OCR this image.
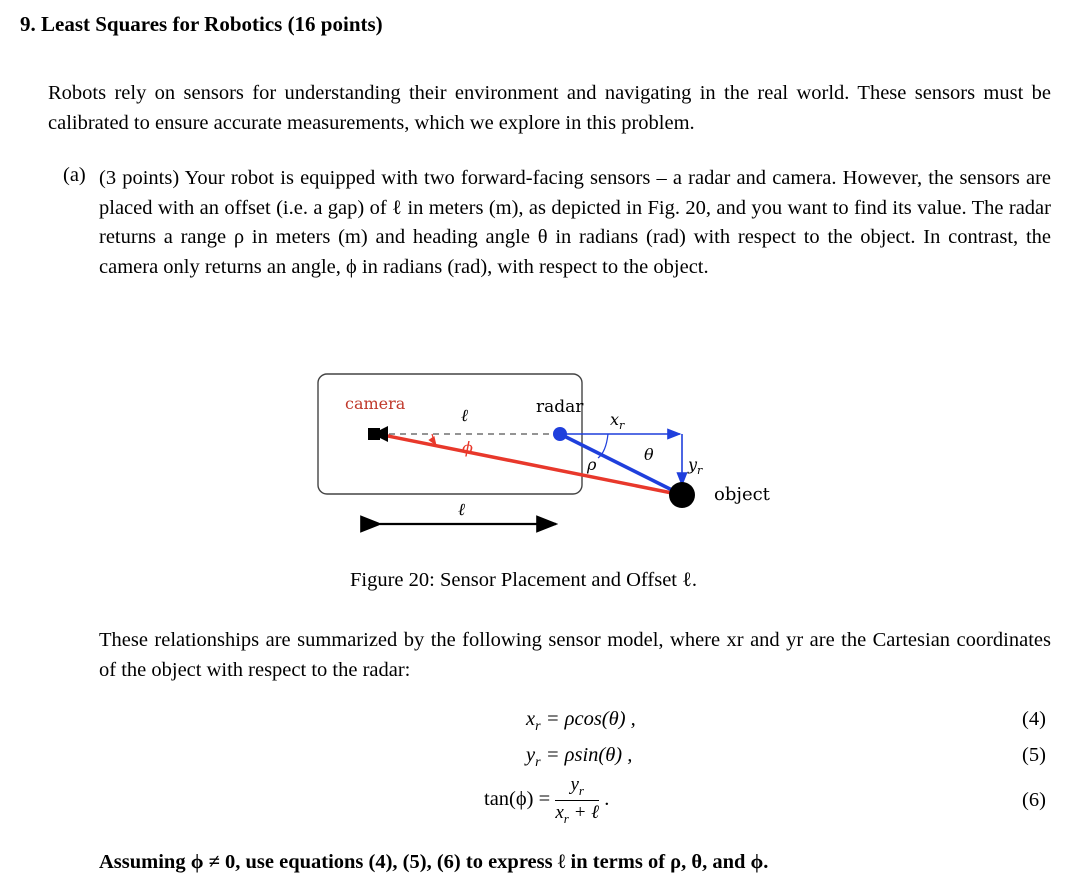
9. Least Squares for Robotics (16 points)
Robots rely on sensors for understanding their environment and navigating in the real world. These sensors must be calibrated to ensure accurate measurements, which we explore in this problem.
(a) (3 points) Your robot is equipped with two forward-facing sensors – a radar and camera. However, the sensors are placed with an offset (i.e. a gap) of ℓ in meters (m), as depicted in Fig. 20, and you want to find its value. The radar returns a range ρ in meters (m) and heading angle θ in radians (rad) with respect to the object. In contrast, the camera only returns an angle, ϕ in radians (rad), with respect to the object.
camera	radar
ℓ
ϕ
$x_r$
$y_r$
ρ
θ
object
ℓ
Figure 20: Sensor Placement and Offset ℓ.
These relationships are summarized by the following sensor model, where xr and yr are the Cartesian coordinates of the object with respect to the radar:
$x_r = \rho\cos(\theta)$ ,	(4)
$y_r = \rho\sin(\theta)$ ,	(5)
$\tan(\phi) = \frac{y_r}{x_r + \ell}$ .	(6)
Assuming ϕ ≠ 0, use equations (4), (5), (6) to express ℓ in terms of ρ, θ, and ϕ.
